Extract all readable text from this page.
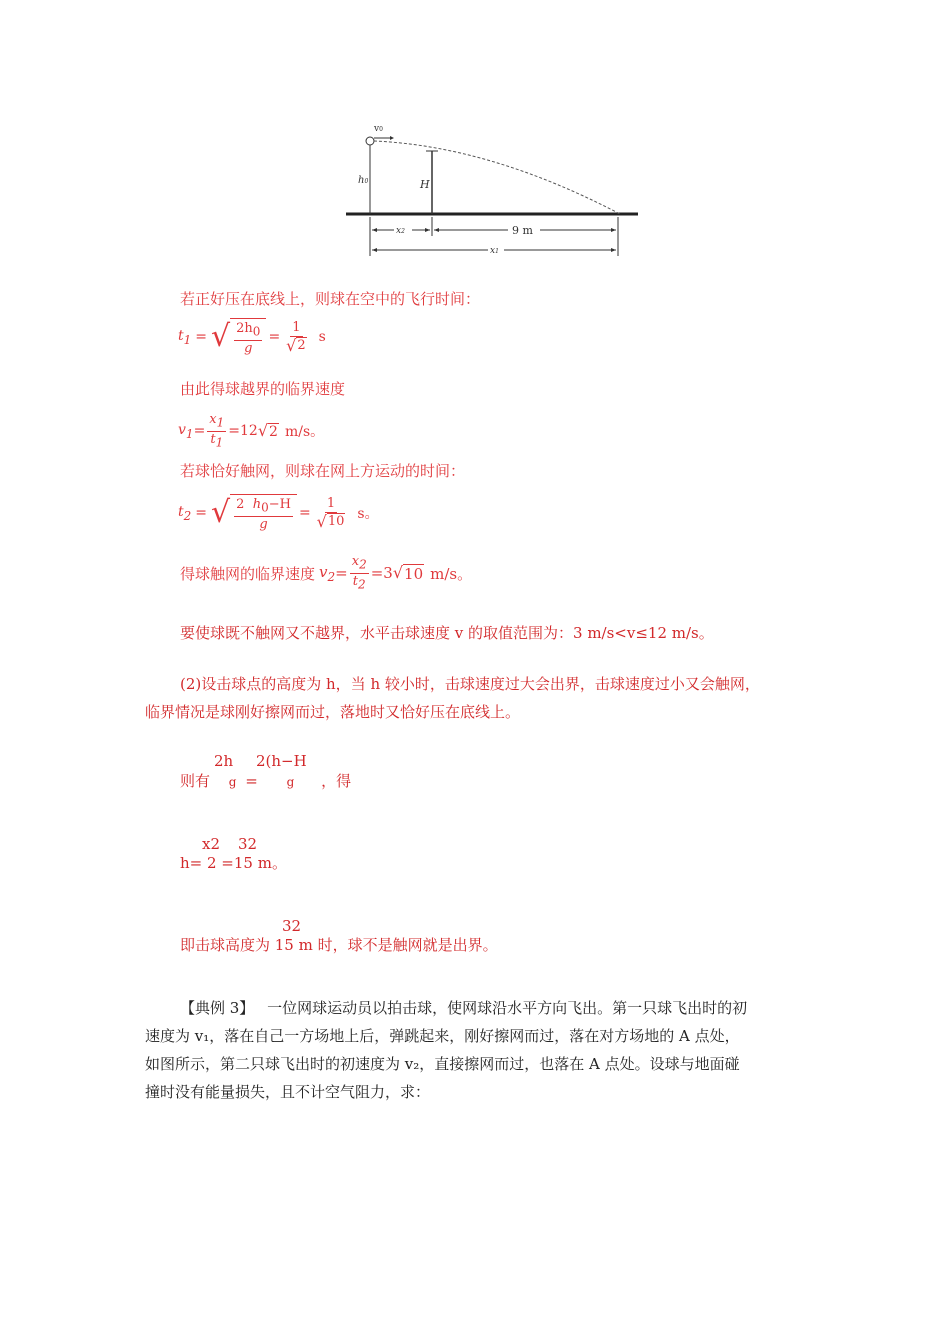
v0
h0	H
x2	9 m
x1
若正好压在底线上，则球在空中的飞行时间：
$t_1$ = √ $\frac{2h_0}{g} = \frac{1}{√ 2}$ s
由此得球越界的临界速度
$v_1 = \frac{x_1}{t_1} = 12$ √ 2 m/s。
若球恰好触网，则球在网上方运动的时间：
$t_2$ = √ $\frac{2 h_0-H}{g} = \frac{1}{√ 10}$ s。
得球触网的临界速度 $v_2 = \frac{x_2}{t_2} = 3$ √ 10 m/s。
要使球既不触网又不越界，水平击球速度 v 的取值范围为：3 m/s<v≤12 m/s。
(2)设击球点的高度为 h，当 h 较小时，击球速度过大会出界，击球速度过小又会触网，
临界情况是球刚好擦网而过，落地时又恰好压在底线上。
2h 2(h−H
则有 g = g ，得
x2 32
h= 2 =15 m。
32
即击球高度为 15 m 时，球不是触网就是出界。
【典例 3】 一位网球运动员以拍击球，使网球沿水平方向飞出。第一只球飞出时的初
速度为 v₁，落在自己一方场地上后，弹跳起来，刚好擦网而过，落在对方场地的 A 点处，
如图所示，第二只球飞出时的初速度为 v₂，直接擦网而过，也落在 A 点处。设球与地面碰
撞时没有能量损失，且不计空气阻力，求：
